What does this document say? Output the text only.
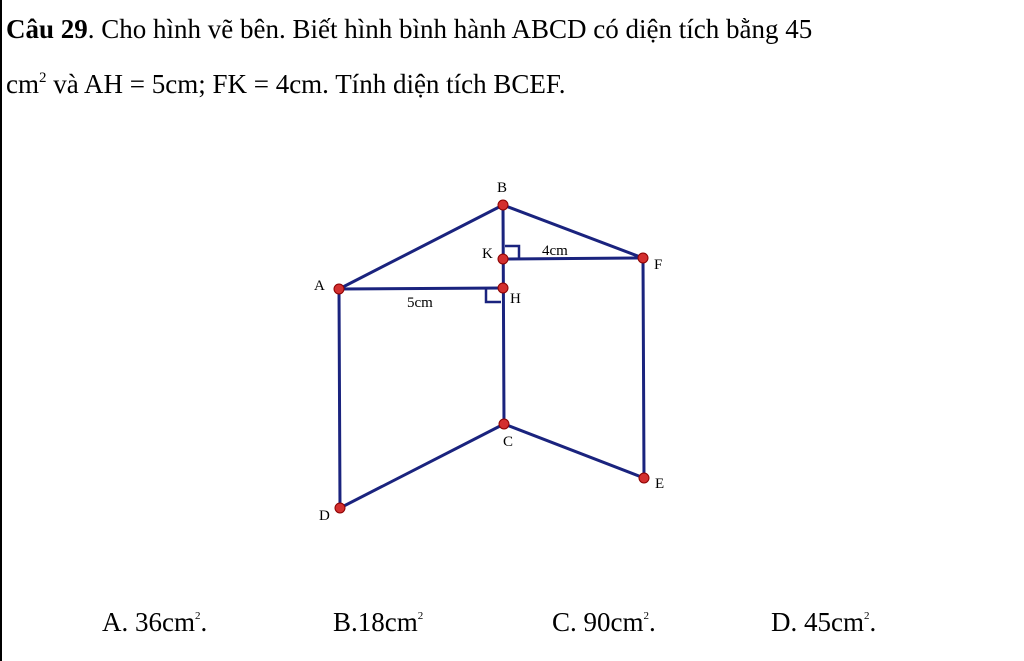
Câu 29. Cho hình vẽ bên. Biết hình bình hành ABCD có diện tích bằng 45
$cm^2$ và AH = 5cm; FK = 4cm. Tính diện tích BCEF.
B
K
F
A
H
C
E
D
4cm
5cm
A. $36cm^2$.	$B.18cm^2$	C. $90cm^2$.	D. $45cm^2$.
